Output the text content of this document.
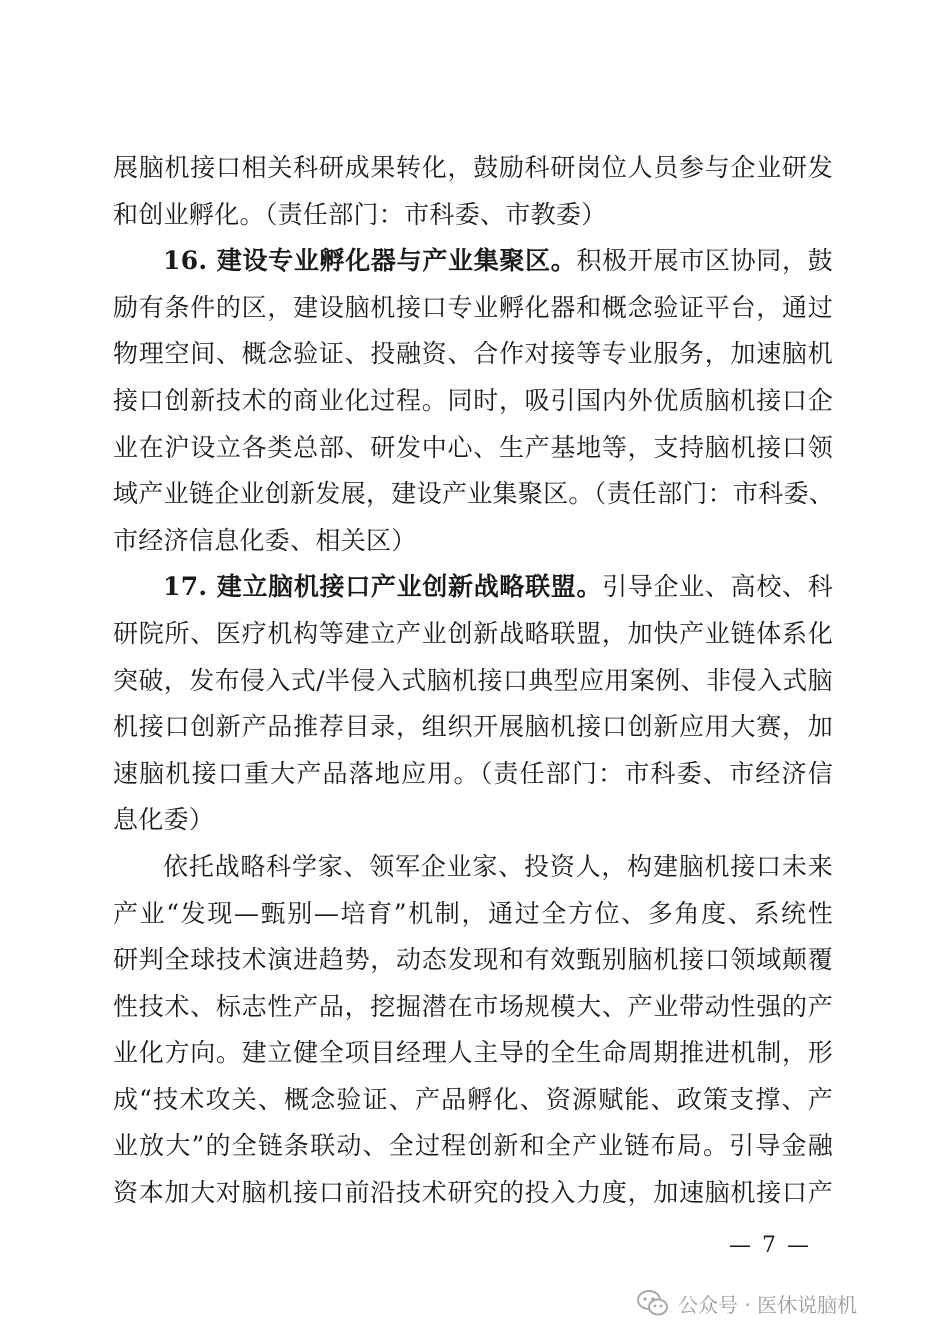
展脑机接口相关科研成果转化，鼓励科研岗位人员参与企业研发
和创业孵化。（责任部门：市科委、市教委）
16. 建设专业孵化器与产业集聚区。积极开展市区协同，鼓
励有条件的区，建设脑机接口专业孵化器和概念验证平台，通过
物理空间、概念验证、投融资、合作对接等专业服务，加速脑机
接口创新技术的商业化过程。同时，吸引国内外优质脑机接口企
业在沪设立各类总部、研发中心、生产基地等，支持脑机接口领
域产业链企业创新发展，建设产业集聚区。（责任部门：市科委、
市经济信息化委、相关区）
17. 建立脑机接口产业创新战略联盟。引导企业、高校、科
研院所、医疗机构等建立产业创新战略联盟，加快产业链体系化
突破，发布侵入式/半侵入式脑机接口典型应用案例、非侵入式脑
机接口创新产品推荐目录，组织开展脑机接口创新应用大赛，加
速脑机接口重大产品落地应用。（责任部门：市科委、市经济信
息化委）
依托战略科学家、领军企业家、投资人，构建脑机接口未来
产业“发现—甄别—培育”机制，通过全方位、多角度、系统性
研判全球技术演进趋势，动态发现和有效甄别脑机接口领域颠覆
性技术、标志性产品，挖掘潜在市场规模大、产业带动性强的产
业化方向。建立健全项目经理人主导的全生命周期推进机制，形
成“技术攻关、概念验证、产品孵化、资源赋能、政策支撑、产
业放大”的全链条联动、全过程创新和全产业链布局。引导金融
资本加大对脑机接口前沿技术研究的投入力度，加速脑机接口产
— 7 —
公众号 · 医休说脑机
